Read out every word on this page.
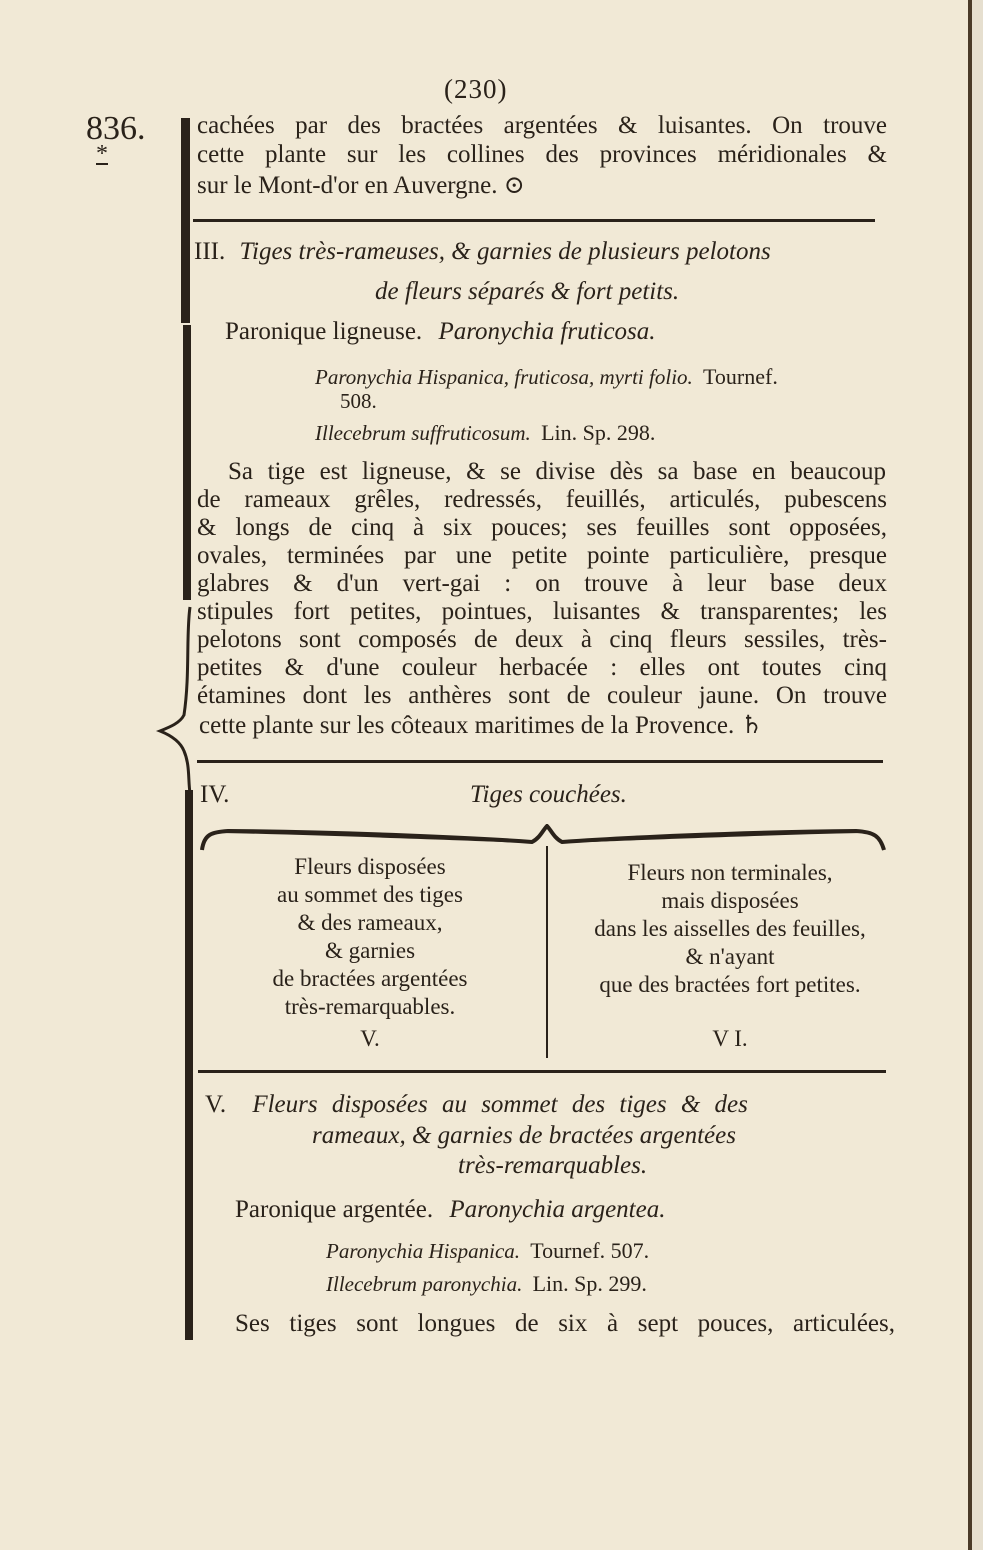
(230)
836.
*
cachées par des bractées argentées & luisantes. On trouve
cette plante sur les collines des provinces méridionales &
sur le Mont-d'or en Auvergne. ⊙
III. Tiges très-rameuses, & garnies de plusieurs pelotons
de fleurs séparés & fort petits.
Paronique ligneuse. Paronychia fruticosa.
Paronychia Hispanica, fruticosa, myrti folio. Tournef.
508.
Illecebrum suffruticosum. Lin. Sp. 298.
Sa tige est ligneuse, & se divise dès sa base en beaucoup
de rameaux grêles, redressés, feuillés, articulés, pubescens
& longs de cinq à six pouces; ses feuilles sont opposées,
ovales, terminées par une petite pointe particulière, presque
glabres & d'un vert-gai : on trouve à leur base deux
stipules fort petites, pointues, luisantes & transparentes; les
pelotons sont composés de deux à cinq fleurs sessiles, très-
petites & d'une couleur herbacée : elles ont toutes cinq
étamines dont les anthères sont de couleur jaune. On trouve
cette plante sur les côteaux maritimes de la Provence. ♄
IV.	Tiges couchées.
Fleurs disposées
au sommet des tiges
& des rameaux,
& garnies
de bractées argentées
très-remarquables.
V.
Fleurs non terminales,
mais disposées
dans les aisselles des feuilles,
& n'ayant
que des bractées fort petites.
V I.
V. Fleurs disposées au sommet des tiges & des
rameaux, & garnies de bractées argentées
très-remarquables.
Paronique argentée. Paronychia argentea.
Paronychia Hispanica. Tournef. 507.
Illecebrum paronychia. Lin. Sp. 299.
Ses tiges sont longues de six à sept pouces, articulées,
